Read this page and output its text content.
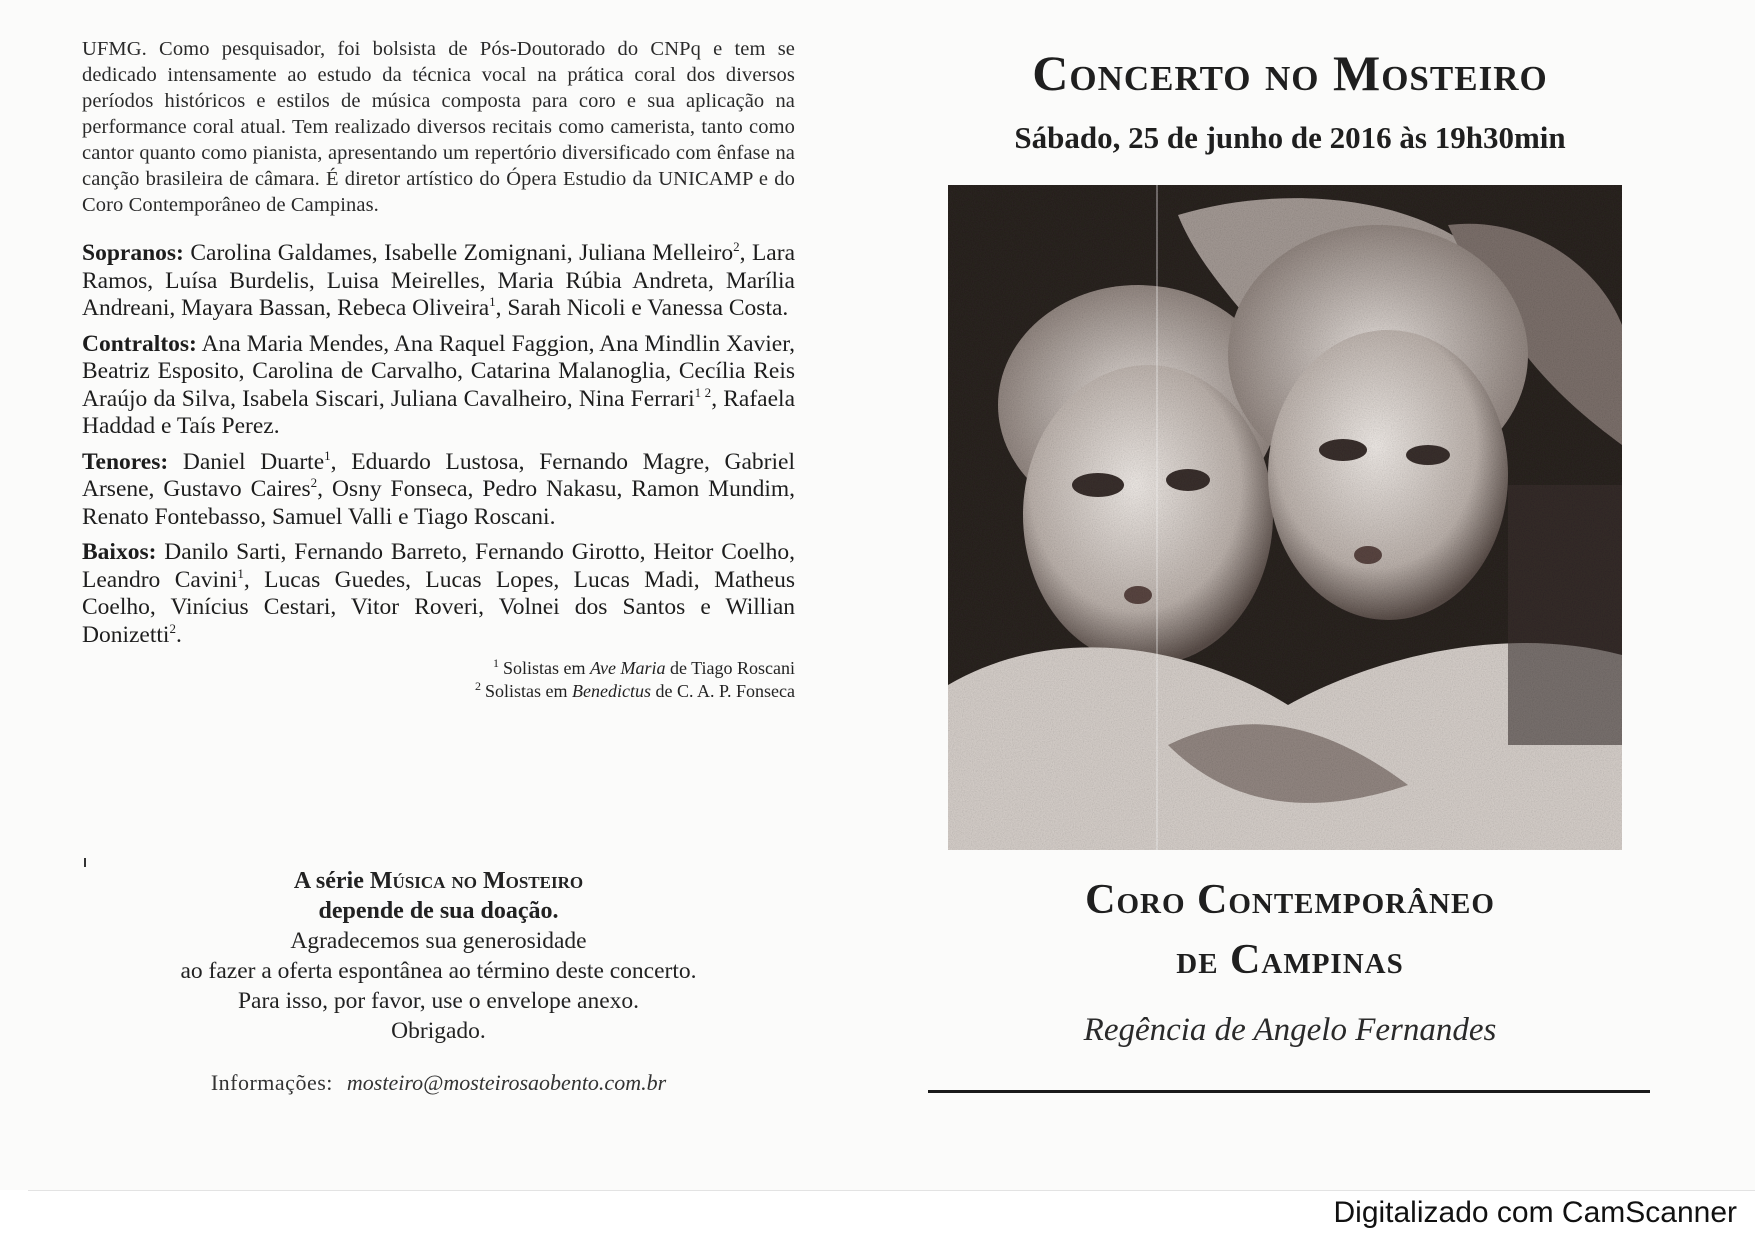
UFMG. Como pesquisador, foi bolsista de Pós-Doutorado do CNPq e tem se dedicado intensamente ao estudo da técnica vocal na prática coral dos diversos períodos históricos e estilos de música composta para coro e sua aplicação na performance coral atual. Tem realizado diversos recitais como camerista, tanto como cantor quanto como pianista, apresentando um repertório diversificado com ênfase na canção brasileira de câmara. É diretor artístico do Ópera Estudio da UNICAMP e do Coro Contemporâneo de Campinas.

Sopranos: Carolina Galdames, Isabelle Zomignani, Juliana Melleiro$^2$, Lara Ramos, Luísa Burdelis, Luisa Meirelles, Maria Rúbia Andreta, Marília Andreani, Mayara Bassan, Rebeca Oliveira$^1$, Sarah Nicoli e Vanessa Costa.

Contraltos: Ana Maria Mendes, Ana Raquel Faggion, Ana Mindlin Xavier, Beatriz Esposito, Carolina de Carvalho, Catarina Malanoglia, Cecília Reis Araújo da Silva, Isabela Siscari, Juliana Cavalheiro, Nina Ferrari$^{1 2}$, Rafaela Haddad e Taís Perez.

Tenores: Daniel Duarte$^1$, Eduardo Lustosa, Fernando Magre, Gabriel Arsene, Gustavo Caires$^2$, Osny Fonseca, Pedro Nakasu, Ramon Mundim, Renato Fontebasso, Samuel Valli e Tiago Roscani.

Baixos: Danilo Sarti, Fernando Barreto, Fernando Girotto, Heitor Coelho, Leandro Cavini$^1$, Lucas Guedes, Lucas Lopes, Lucas Madi, Matheus Coelho, Vinícius Cestari, Vitor Roveri, Volnei dos Santos e Willian Donizetti$^2$.

$^1$ Solistas em Ave Maria de Tiago Roscani
$^2$ Solistas em Benedictus de C. A. P. Fonseca
A série Música no Mosteiro
depende de sua doação.
Agradecemos sua generosidade
ao fazer a oferta espontânea ao término deste concerto.
Para isso, por favor, use o envelope anexo.
Obrigado.
Informações: mosteiro@mosteirosaobento.com.br
Concerto no Mosteiro
Sábado, 25 de junho de 2016 às 19h30min
Coro Contemporâneo
de Campinas
Regência de Angelo Fernandes
Digitalizado com CamScanner
